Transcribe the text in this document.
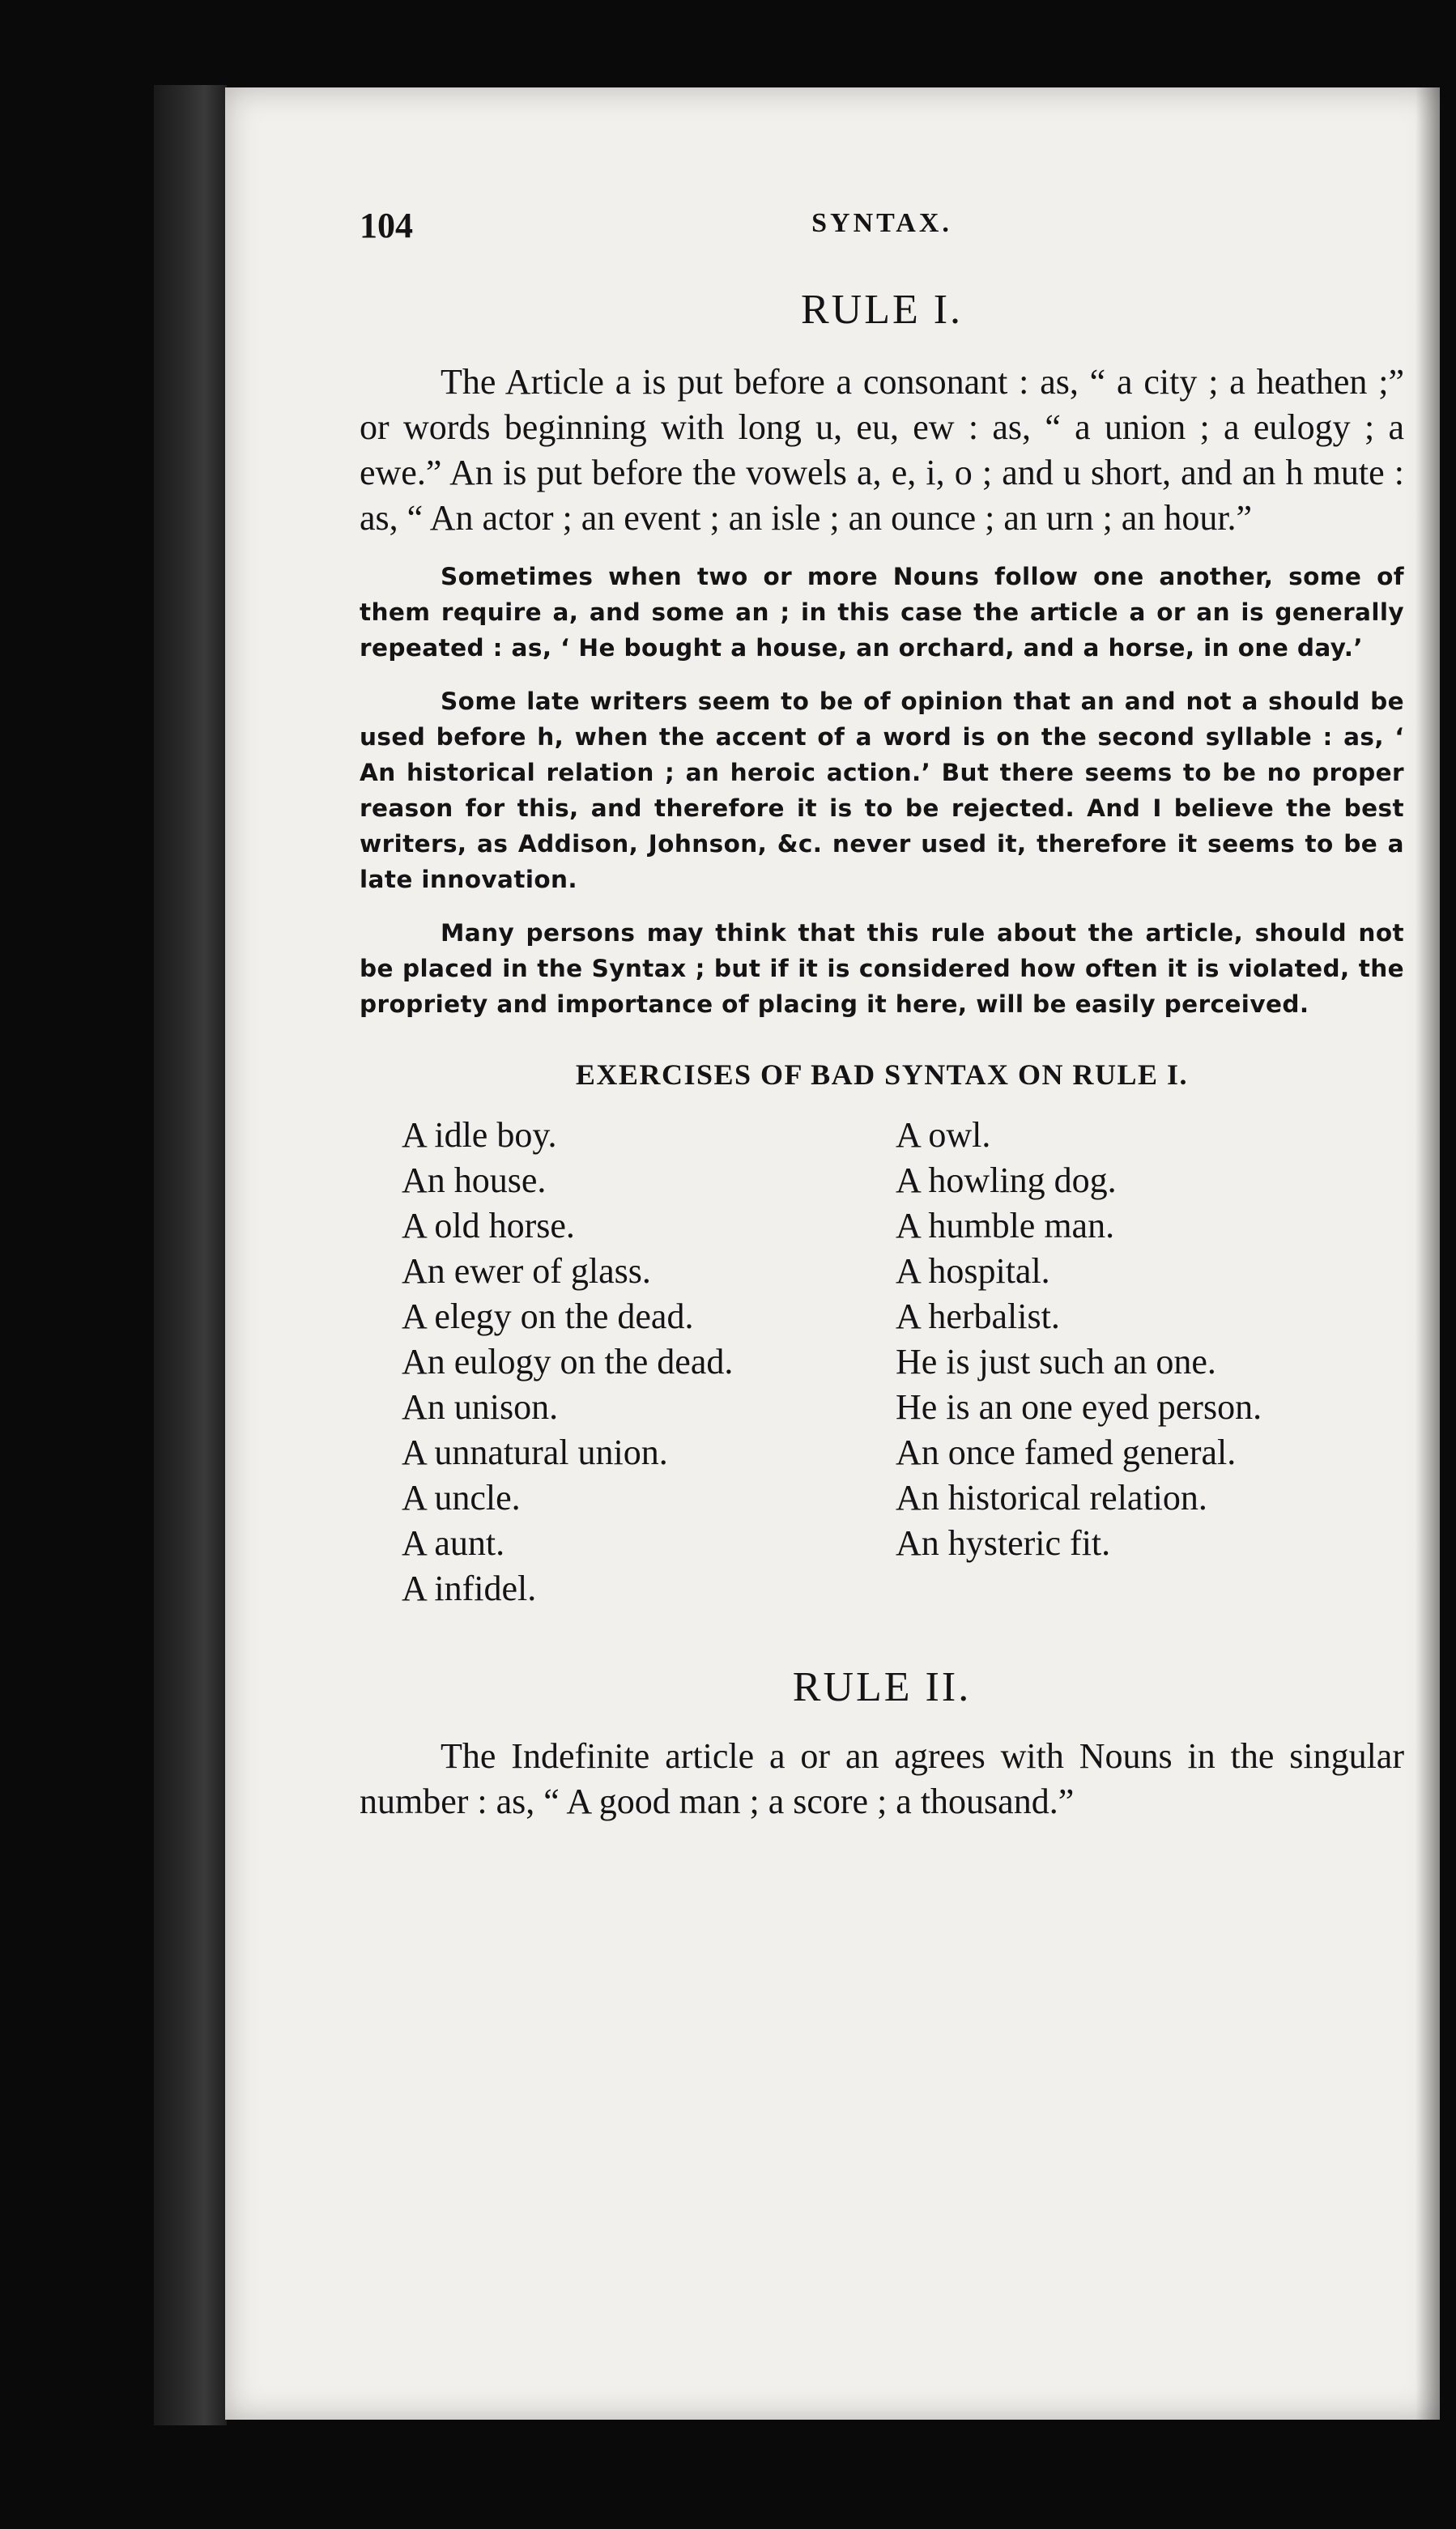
104	SYNTAX.
RULE I.

The Article a is put before a consonant : as, “ a city ; a heathen ;” or words beginning with long u, eu, ew : as, “ a union ; a eulogy ; a ewe.” An is put before the vowels a, e, i, o ; and u short, and an h mute : as, “ An actor ; an event ; an isle ; an ounce ; an urn ; an hour.”

Sometimes when two or more Nouns follow one another, some of them require a, and some an ; in this case the article a or an is generally repeated : as, ‘ He bought a house, an orchard, and a horse, in one day.’

Some late writers seem to be of opinion that an and not a should be used before h, when the accent of a word is on the second syllable : as, ‘ An historical relation ; an heroic action.’ But there seems to be no proper reason for this, and therefore it is to be rejected. And I believe the best writers, as Addison, Johnson, &c. never used it, therefore it seems to be a late innovation.

Many persons may think that this rule about the article, should not be placed in the Syntax ; but if it is considered how often it is violated, the propriety and importance of placing it here, will be easily perceived.

EXERCISES OF BAD SYNTAX ON RULE I.
A idle boy.
An house.
A old horse.
An ewer of glass.
A elegy on the dead.
An eulogy on the dead.
An unison.
A unnatural union.
A uncle.
A aunt.
A infidel.
A owl.
A howling dog.
A humble man.
A hospital.
A herbalist.
He is just such an one.
He is an one eyed person.
An once famed general.
An historical relation.
An hysteric fit.
RULE II.

The Indefinite article a or an agrees with Nouns in the singular number : as, “ A good man ; a score ; a thousand.”
